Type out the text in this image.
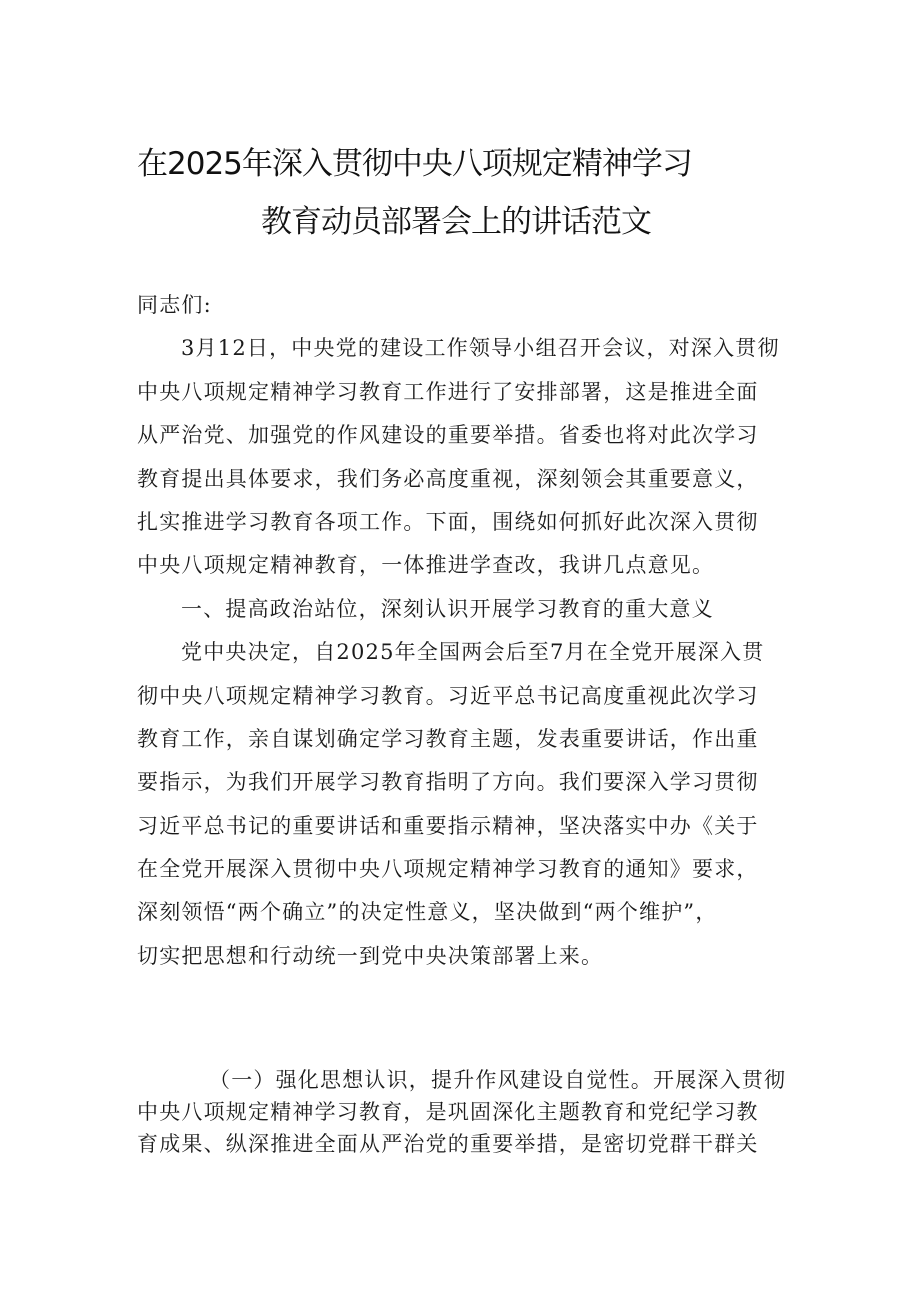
在2025年深入贯彻中央八项规定精神学习
教育动员部署会上的讲话范文
同志们:
3月12日，中央党的建设工作领导小组召开会议，对深入贯彻
中央八项规定精神学习教育工作进行了安排部署，这是推进全面
从严治党、加强党的作风建设的重要举措。省委也将对此次学习
教育提出具体要求，我们务必高度重视，深刻领会其重要意义，
扎实推进学习教育各项工作。下面，围绕如何抓好此次深入贯彻
中央八项规定精神教育，一体推进学查改，我讲几点意见。
一、提高政治站位，深刻认识开展学习教育的重大意义
党中央决定，自2025年全国两会后至7月在全党开展深入贯
彻中央八项规定精神学习教育。习近平总书记高度重视此次学习
教育工作，亲自谋划确定学习教育主题，发表重要讲话，作出重
要指示，为我们开展学习教育指明了方向。我们要深入学习贯彻
习近平总书记的重要讲话和重要指示精神，坚决落实中办《关于
在全党开展深入贯彻中央八项规定精神学习教育的通知》要求，
深刻领悟“两个确立”的决定性意义，坚决做到“两个维护”，
切实把思想和行动统一到党中央决策部署上来。
（一）强化思想认识，提升作风建设自觉性。开展深入贯彻
中央八项规定精神学习教育，是巩固深化主题教育和党纪学习教
育成果、纵深推进全面从严治党的重要举措，是密切党群干群关
